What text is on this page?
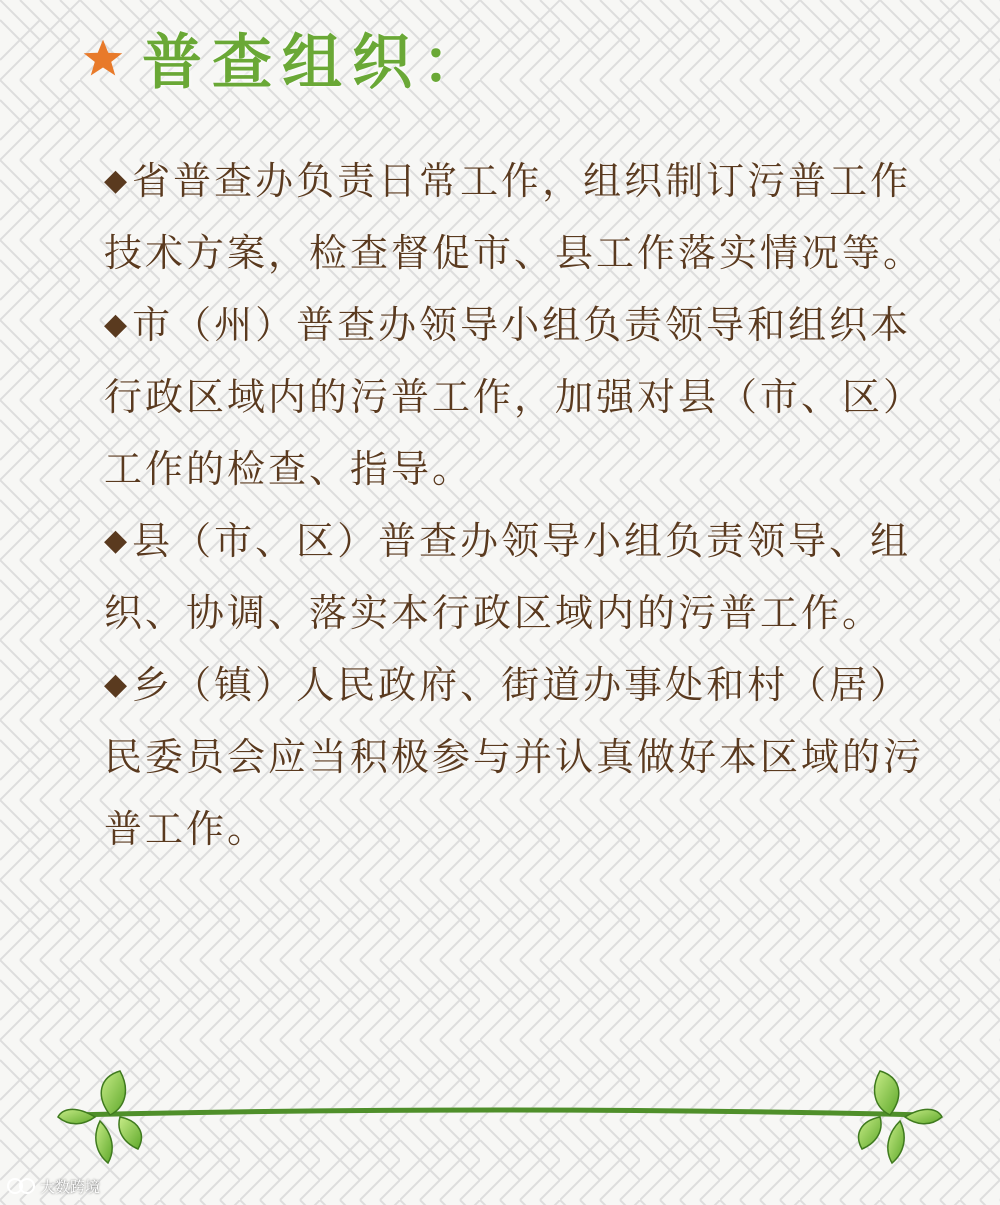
普查组织：
◆省普查办负责日常工作，组织制订污普工作技术方案，检查督促市、县工作落实情况等。
◆市（州）普查办领导小组负责领导和组织本行政区域内的污普工作，加强对县（市、区）工作的检查、指导。
◆县（市、区）普查办领导小组负责领导、组织、协调、落实本行政区域内的污普工作。
◆乡（镇）人民政府、街道办事处和村（居）民委员会应当积极参与并认真做好本区域的污普工作。
大数跨境
